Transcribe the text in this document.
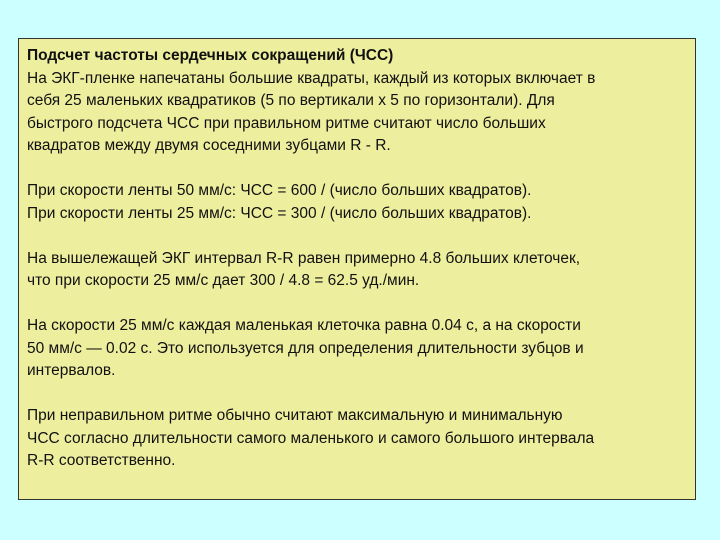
Подсчет частоты сердечных сокращений (ЧСС)
На ЭКГ-пленке напечатаны большие квадраты, каждый из которых включает в
себя 25 маленьких квадратиков (5 по вертикали х 5 по горизонтали). Для
быстрого подсчета ЧСС при правильном ритме считают число больших
квадратов между двумя соседними зубцами R - R.
При скорости ленты 50 мм/с: ЧСС = 600 / (число больших квадратов).
При скорости ленты 25 мм/с: ЧСС = 300 / (число больших квадратов).
На вышележащей ЭКГ интервал R-R равен примерно 4.8 больших клеточек,
что при скорости 25 мм/с дает 300 / 4.8 = 62.5 уд./мин.
На скорости 25 мм/с каждая маленькая клеточка равна 0.04 с, а на скорости
50 мм/с — 0.02 с. Это используется для определения длительности зубцов и
интервалов.
При неправильном ритме обычно считают максимальную и минимальную
ЧСС согласно длительности самого маленького и самого большого интервала
R-R соответственно.
